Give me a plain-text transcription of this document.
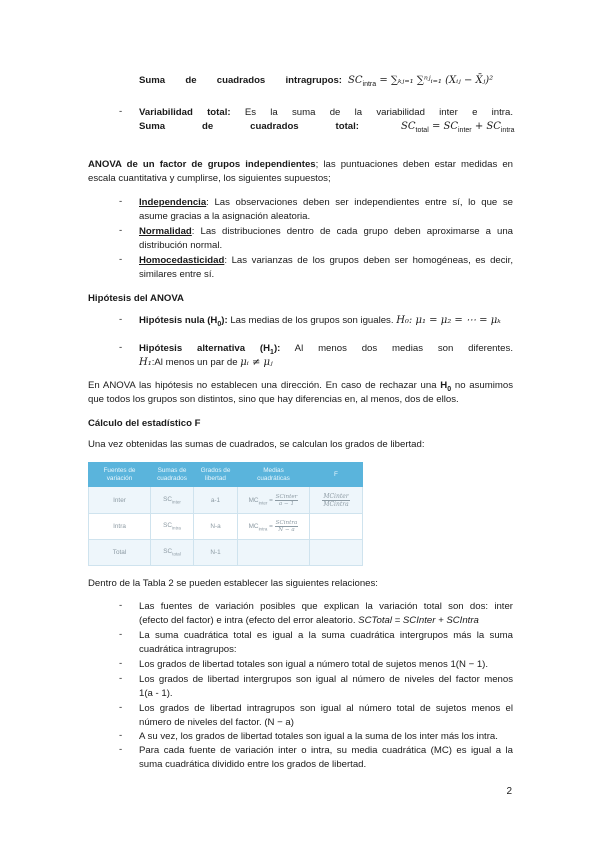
Suma de cuadrados intragrupos: $SC_{intra}$ = ∑ₖⱼ₌₁ ∑ⁿʲᵢ₌₁ (Xᵢⱼ − X̄ⱼ)²
-	Variabilidad total: Es la suma de la variabilidad inter e intra.
Suma de cuadrados total:	$SC_{total} = SC_{inter} + SC_{intra}$
ANOVA de un factor de grupos independientes; las puntuaciones deben estar medidas en
escala cuantitativa y cumplirse, los siguientes supuestos;
-	Independencia: Las observaciones deben ser independientes entre sí, lo que se
asume gracias a la asignación aleatoria.
-	Normalidad: Las distribuciones dentro de cada grupo deben aproximarse a una
distribución normal.
-	Homocedasticidad: Las varianzas de los grupos deben ser homogéneas, es decir,
similares entre sí.
Hipótesis del ANOVA
-	Hipótesis nula $(H_0)$: Las medias de los grupos son iguales. H₀: μ₁ = μ₂ = ⋯ = μₖ
-	Hipótesis alternativa $(H_1)$: Al menos dos medias son diferentes.
H₁:Al menos un par de μᵢ ≠ μⱼ
En ANOVA las hipótesis no establecen una dirección. En caso de rechazar una $H_0$ no asumimos
que todos los grupos son distintos, sino que hay diferencias en, al menos, dos de ellos.
Cálculo del estadístico F
Una vez obtenidas las sumas de cuadrados, se calculan los grados de libertad:
Fuentes de
variación	Sumas de
cuadrados	Grados de
libertad	Medias
cuadráticas	F
Inter	$SC_{inter}$	a-1	$MC_{inter} = \frac{\text{SCinter}}{a - 1}$	$\frac{\text{MCinter}}{\text{MCintra}}$

Intra	$SC_{intra}$	N-a	$MC_{intra} = \frac{\text{SCintra}}{N - a}$

Total	$SC_{total}$	N-1		
Dentro de la Tabla 2 se pueden establecer las siguientes relaciones:
-	Las fuentes de variación posibles que explican la variación total son dos: inter
(efecto del factor) e intra (efecto del error aleatorio. SCTotal = SCInter + SCIntra
-	La suma cuadrática total es igual a la suma cuadrática intergrupos más la suma
cuadrática intragrupos:
-	Los grados de libertad totales son igual a número total de sujetos menos 1(N − 1).
-	Los grados de libertad intergrupos son igual al número de niveles del factor menos
1(a - 1).
-	Los grados de libertad intragrupos son igual al número total de sujetos menos el
número de niveles del factor. (N − a)
-	A su vez, los grados de libertad totales son igual a la suma de los inter más los intra.
-	Para cada fuente de variación inter o intra, su media cuadrática (MC) es igual a la
suma cuadrática dividido entre los grados de libertad.
2
